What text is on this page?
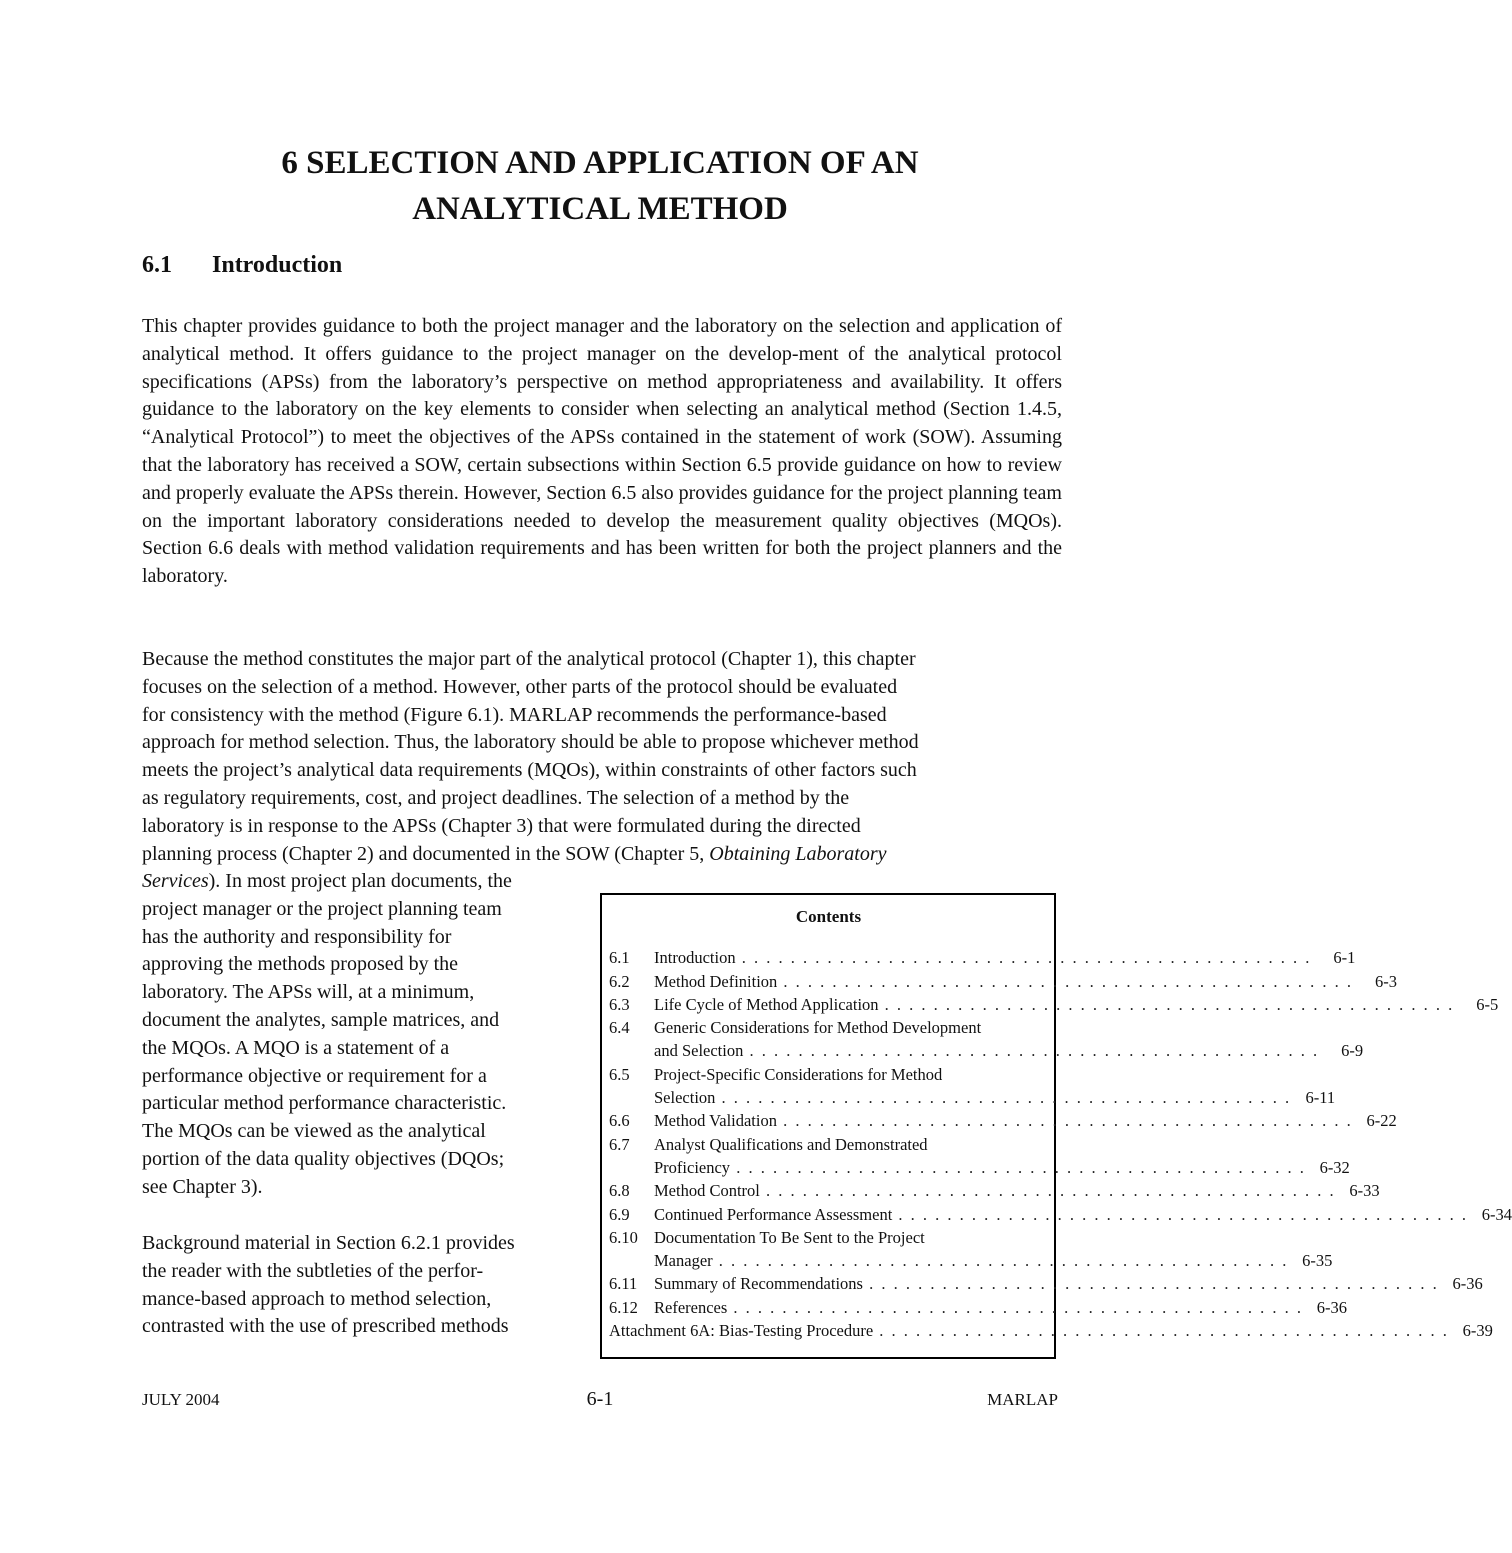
6 SELECTION AND APPLICATION OF AN
ANALYTICAL METHOD
6.1 Introduction

This chapter provides guidance to both the project manager and the laboratory on the selection and application of analytical method. It offers guidance to the project manager on the develop-ment of the analytical protocol specifications (APSs) from the laboratory’s perspective on method appropriateness and availability. It offers guidance to the laboratory on the key elements to consider when selecting an analytical method (Section 1.4.5, “Analytical Protocol”) to meet the objectives of the APSs contained in the statement of work (SOW). Assuming that the laboratory has received a SOW, certain subsections within Section 6.5 provide guidance on how to review and properly evaluate the APSs therein. However, Section 6.5 also provides guidance for the project planning team on the important laboratory considerations needed to develop the measurement quality objectives (MQOs). Section 6.6 deals with method validation requirements and has been written for both the project planners and the laboratory.

Because the method constitutes the major part of the analytical protocol (Chapter 1), this chapter
focuses on the selection of a method. However, other parts of the protocol should be evaluated
for consistency with the method (Figure 6.1). MARLAP recommends the performance-based
approach for method selection. Thus, the laboratory should be able to propose whichever method
meets the project’s analytical data requirements (MQOs), within constraints of other factors such
as regulatory requirements, cost, and project deadlines. The selection of a method by the
laboratory is in response to the APSs (Chapter 3) that were formulated during the directed
planning process (Chapter 2) and documented in the SOW (Chapter 5, Obtaining Laboratory
Services). In most project plan documents, the
project manager or the project planning team
has the authority and responsibility for
approving the methods proposed by the
laboratory. The APSs will, at a minimum,
document the analytes, sample matrices, and
the MQOs. A MQO is a statement of a
performance objective or requirement for a
particular method performance characteristic.
The MQOs can be viewed as the analytical
portion of the data quality objectives (DQOs;
see Chapter 3).
Background material in Section 6.2.1 provides
the reader with the subtleties of the perfor-
mance-based approach to method selection,
contrasted with the use of prescribed methods
Contents
6.1	Introduction . . . . . . . . . . . . . . . . . . . . . . . . . . . . . . . . . . . . . . . . . . . . . . .	6-1
6.2	Method Definition . . . . . . . . . . . . . . . . . . . . . . . . . . . . . . . . . . . . . . . . . . . . . . .	6-3
6.3	Life Cycle of Method Application . . . . . . . . . . . . . . . . . . . . . . . . . . . . . . . . . . . . . . . . . . . . . . .	6-5
6.4	Generic Considerations for Method Development
and Selection . . . . . . . . . . . . . . . . . . . . . . . . . . . . . . . . . . . . . . . . . . . . . . .	6-9
6.5	Project-Specific Considerations for Method
Selection . . . . . . . . . . . . . . . . . . . . . . . . . . . . . . . . . . . . . . . . . . . . . . . 6-11
6.6	Method Validation . . . . . . . . . . . . . . . . . . . . . . . . . . . . . . . . . . . . . . . . . . . . . . . 6-22
6.7	Analyst Qualifications and Demonstrated
Proficiency . . . . . . . . . . . . . . . . . . . . . . . . . . . . . . . . . . . . . . . . . . . . . . . 6-32
6.8	Method Control . . . . . . . . . . . . . . . . . . . . . . . . . . . . . . . . . . . . . . . . . . . . . . . 6-33
6.9	Continued Performance Assessment . . . . . . . . . . . . . . . . . . . . . . . . . . . . . . . . . . . . . . . . . . . . . . . 6-34
6.10 Documentation To Be Sent to the Project
Manager . . . . . . . . . . . . . . . . . . . . . . . . . . . . . . . . . . . . . . . . . . . . . . . 6-35
6.11	Summary of Recommendations . . . . . . . . . . . . . . . . . . . . . . . . . . . . . . . . . . . . . . . . . . . . . . . 6-36
6.12 References . . . . . . . . . . . . . . . . . . . . . . . . . . . . . . . . . . . . . . . . . . . . . . . 6-36
Attachment 6A: Bias-Testing Procedure . . . . . . . . . . . . . . . . . . . . . . . . . . . . . . . . . . . . . . . . . . . . . . . 6-39
JULY 2004	6-1	MARLAP
